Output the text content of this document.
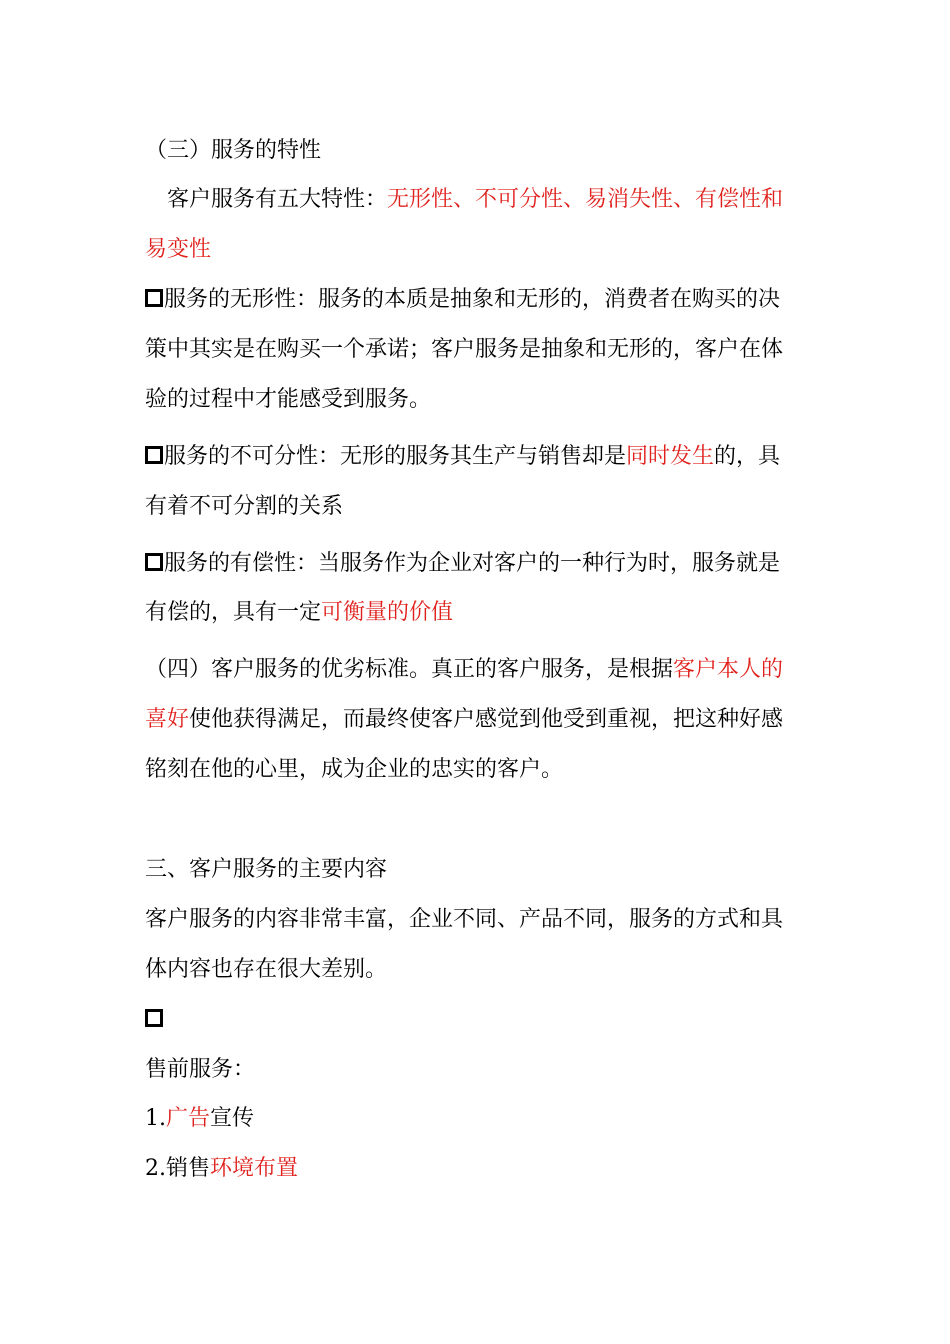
（三）服务的特性
客户服务有五大特性：无形性、不可分性、易消失性、有偿性和
易变性
服务的无形性：服务的本质是抽象和无形的，消费者在购买的决
策中其实是在购买一个承诺；客户服务是抽象和无形的，客户在体
验的过程中才能感受到服务。
服务的不可分性：无形的服务其生产与销售却是同时发生的，具
有着不可分割的关系
服务的有偿性：当服务作为企业对客户的一种行为时，服务就是
有偿的，具有一定可衡量的价值
（四）客户服务的优劣标准。真正的客户服务，是根据客户本人的
喜好使他获得满足，而最终使客户感觉到他受到重视，把这种好感
铭刻在他的心里，成为企业的忠实的客户。
三、客户服务的主要内容
客户服务的内容非常丰富，企业不同、产品不同，服务的方式和具
体内容也存在很大差别。
售前服务：
1.广告宣传
2.销售环境布置
